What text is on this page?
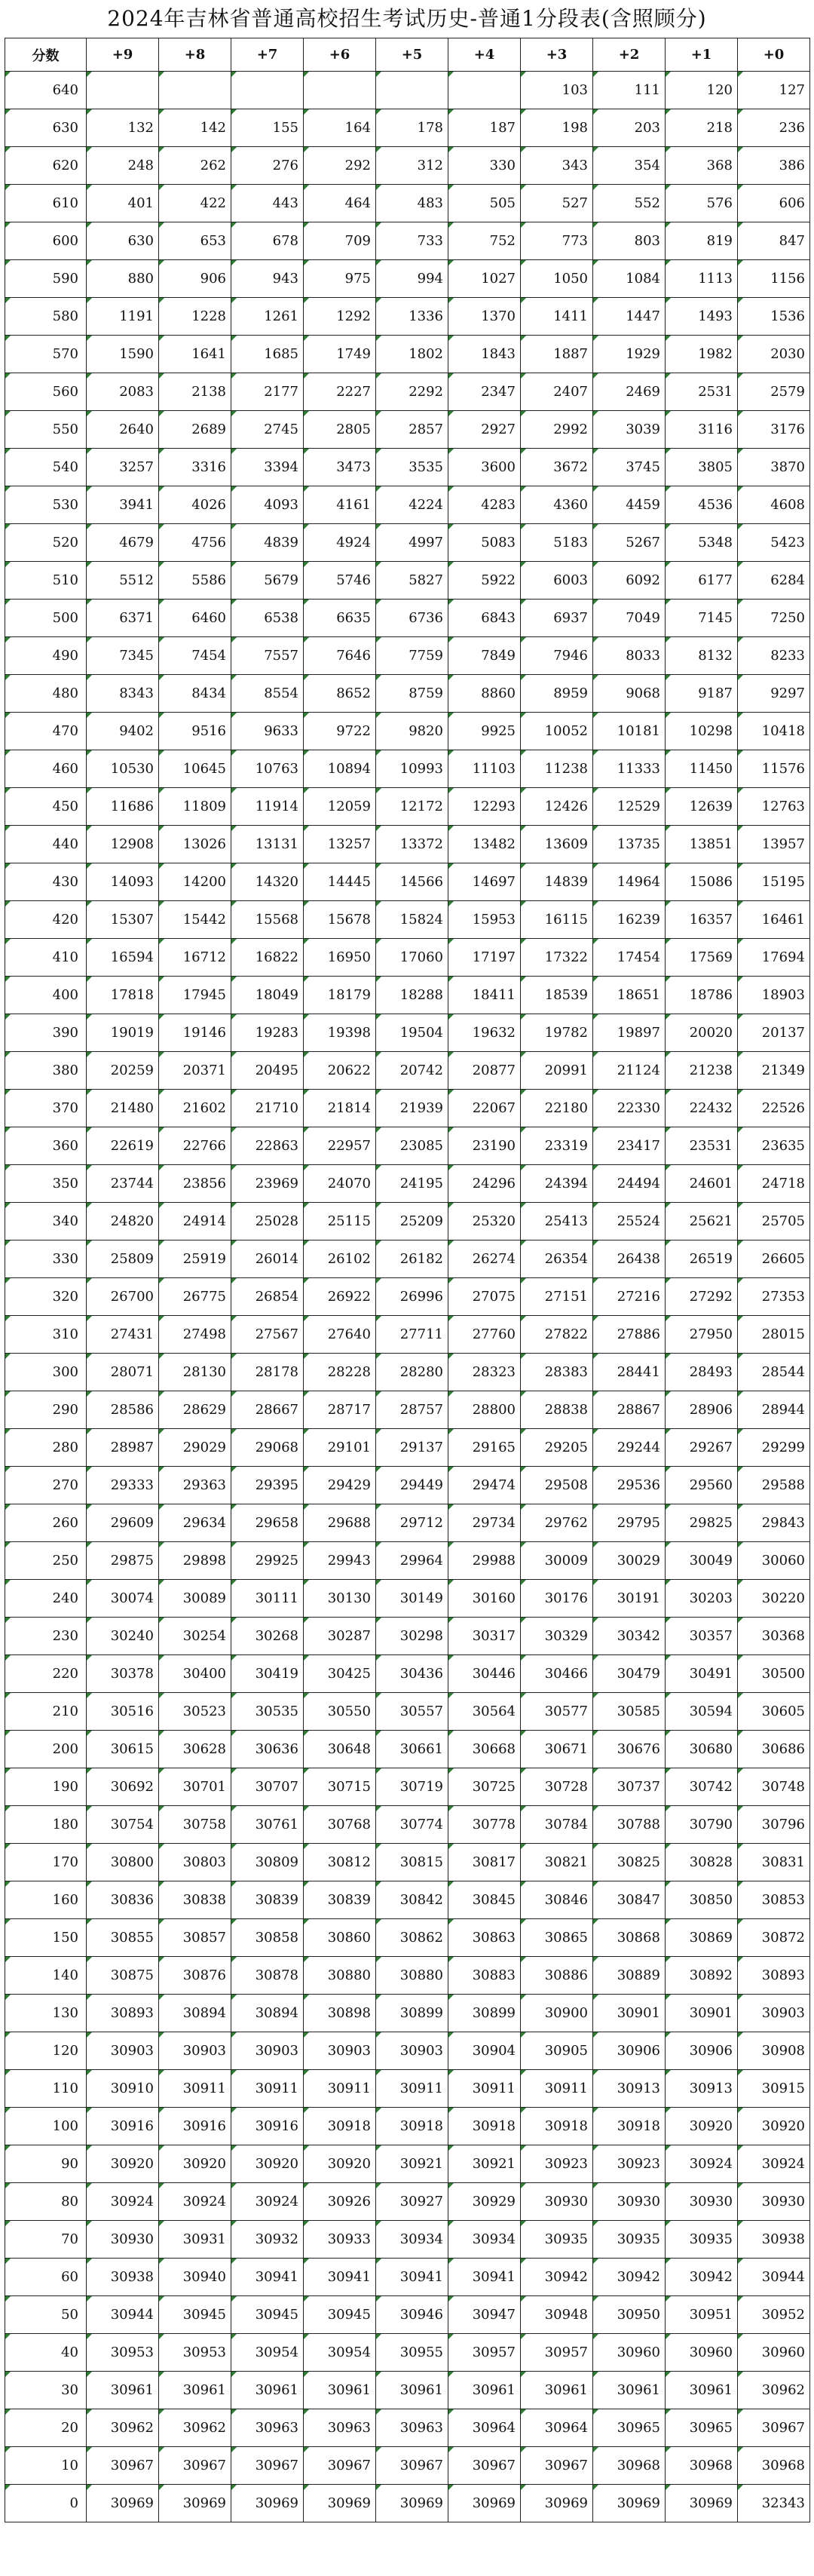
2024年吉林省普通高校招生考试历史-普通1分段表(含照顾分)
分数	+9	+8	+7	+6	+5	+4	+3	+2	+1	+0
640							103	111	120	127
630	132	142	155	164	178	187	198	203	218	236
620	248	262	276	292	312	330	343	354	368	386
610	401	422	443	464	483	505	527	552	576	606
600	630	653	678	709	733	752	773	803	819	847
590	880	906	943	975	994	1027	1050	1084	1113	1156
580	1191	1228	1261	1292	1336	1370	1411	1447	1493	1536
570	1590	1641	1685	1749	1802	1843	1887	1929	1982	2030
560	2083	2138	2177	2227	2292	2347	2407	2469	2531	2579
550	2640	2689	2745	2805	2857	2927	2992	3039	3116	3176
540	3257	3316	3394	3473	3535	3600	3672	3745	3805	3870
530	3941	4026	4093	4161	4224	4283	4360	4459	4536	4608
520	4679	4756	4839	4924	4997	5083	5183	5267	5348	5423
510	5512	5586	5679	5746	5827	5922	6003	6092	6177	6284
500	6371	6460	6538	6635	6736	6843	6937	7049	7145	7250
490	7345	7454	7557	7646	7759	7849	7946	8033	8132	8233
480	8343	8434	8554	8652	8759	8860	8959	9068	9187	9297
470	9402	9516	9633	9722	9820	9925	10052	10181	10298	10418
460	10530	10645	10763	10894	10993	11103	11238	11333	11450	11576
450	11686	11809	11914	12059	12172	12293	12426	12529	12639	12763
440	12908	13026	13131	13257	13372	13482	13609	13735	13851	13957
430	14093	14200	14320	14445	14566	14697	14839	14964	15086	15195
420	15307	15442	15568	15678	15824	15953	16115	16239	16357	16461
410	16594	16712	16822	16950	17060	17197	17322	17454	17569	17694
400	17818	17945	18049	18179	18288	18411	18539	18651	18786	18903
390	19019	19146	19283	19398	19504	19632	19782	19897	20020	20137
380	20259	20371	20495	20622	20742	20877	20991	21124	21238	21349
370	21480	21602	21710	21814	21939	22067	22180	22330	22432	22526
360	22619	22766	22863	22957	23085	23190	23319	23417	23531	23635
350	23744	23856	23969	24070	24195	24296	24394	24494	24601	24718
340	24820	24914	25028	25115	25209	25320	25413	25524	25621	25705
330	25809	25919	26014	26102	26182	26274	26354	26438	26519	26605
320	26700	26775	26854	26922	26996	27075	27151	27216	27292	27353
310	27431	27498	27567	27640	27711	27760	27822	27886	27950	28015
300	28071	28130	28178	28228	28280	28323	28383	28441	28493	28544
290	28586	28629	28667	28717	28757	28800	28838	28867	28906	28944
280	28987	29029	29068	29101	29137	29165	29205	29244	29267	29299
270	29333	29363	29395	29429	29449	29474	29508	29536	29560	29588
260	29609	29634	29658	29688	29712	29734	29762	29795	29825	29843
250	29875	29898	29925	29943	29964	29988	30009	30029	30049	30060
240	30074	30089	30111	30130	30149	30160	30176	30191	30203	30220
230	30240	30254	30268	30287	30298	30317	30329	30342	30357	30368
220	30378	30400	30419	30425	30436	30446	30466	30479	30491	30500
210	30516	30523	30535	30550	30557	30564	30577	30585	30594	30605
200	30615	30628	30636	30648	30661	30668	30671	30676	30680	30686
190	30692	30701	30707	30715	30719	30725	30728	30737	30742	30748
180	30754	30758	30761	30768	30774	30778	30784	30788	30790	30796
170	30800	30803	30809	30812	30815	30817	30821	30825	30828	30831
160	30836	30838	30839	30839	30842	30845	30846	30847	30850	30853
150	30855	30857	30858	30860	30862	30863	30865	30868	30869	30872
140	30875	30876	30878	30880	30880	30883	30886	30889	30892	30893
130	30893	30894	30894	30898	30899	30899	30900	30901	30901	30903
120	30903	30903	30903	30903	30903	30904	30905	30906	30906	30908
110	30910	30911	30911	30911	30911	30911	30911	30913	30913	30915
100	30916	30916	30916	30918	30918	30918	30918	30918	30920	30920
90	30920	30920	30920	30920	30921	30921	30923	30923	30924	30924
80	30924	30924	30924	30926	30927	30929	30930	30930	30930	30930
70	30930	30931	30932	30933	30934	30934	30935	30935	30935	30938
60	30938	30940	30941	30941	30941	30941	30942	30942	30942	30944
50	30944	30945	30945	30945	30946	30947	30948	30950	30951	30952
40	30953	30953	30954	30954	30955	30957	30957	30960	30960	30960
30	30961	30961	30961	30961	30961	30961	30961	30961	30961	30962
20	30962	30962	30963	30963	30963	30964	30964	30965	30965	30967
10	30967	30967	30967	30967	30967	30967	30967	30968	30968	30968
0	30969	30969	30969	30969	30969	30969	30969	30969	30969	32343
